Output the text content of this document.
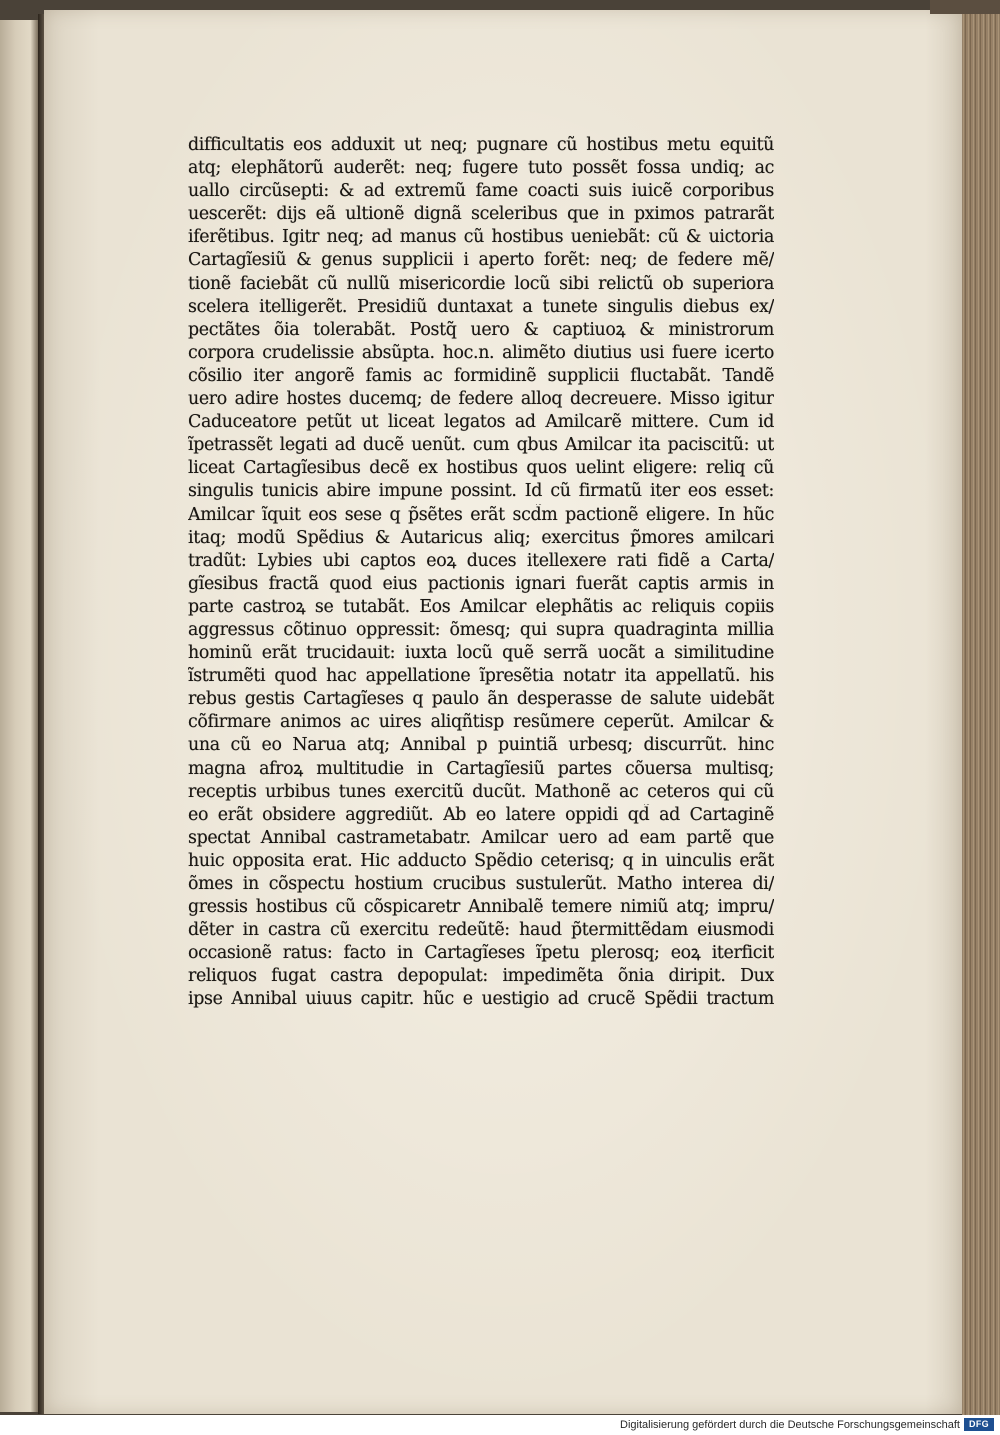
difficultatis eos adduxit ut neq; pugnare cũ hostibus metu equitũ
atq; elephãtorũ auderẽt: neq; fugere tuto possẽt fossa undiq; ac
uallo circũsepti: & ad extremũ fame coacti suis iuicẽ corporibus
uescerẽt: dijs eã ultionẽ dignã sceleribus que in pximos patrarãt
iferẽtibus. Igitr neq; ad manus cũ hostibus ueniebãt: cũ & uictoria
Cartagĩesiũ & genus supplicii i aperto forẽt: neq; de federe mẽ/
tionẽ faciebãt cũ nullũ misericordie locũ sibi relictũ ob superiora
scelera itelligerẽt. Presidiũ duntaxat a tunete singulis diebus ex/
pectãtes õia tolerabãt. Postq̃ uero & captiuoꝝ & ministrorum
corpora crudelissie absũpta. hoc.n. alimẽto diutius usi fuere icerto
cõsilio iter angorẽ famis ac formidinẽ supplicii fluctabãt. Tandẽ
uero adire hostes ducemq; de federe alloq decreuere. Misso igitur
Caduceatore petũt ut liceat legatos ad Amilcarẽ mittere. Cum id
ĩpetrassẽt legati ad ducẽ uenũt. cum qbus Amilcar ita paciscitũ: ut
liceat Cartagĩesibus decẽ ex hostibus quos uelint eligere: reliq cũ
singulis tunicis abire impune possint. Id cũ firmatũ iter eos esset:
Amilcar ĩquit eos sese q p̃sẽtes erãt scd̃m pactionẽ eligere. In hũc
itaq; modũ Spẽdius & Autaricus aliq; exercitus p̃mores amilcari
tradũt: Lybies ubi captos eoꝝ duces itellexere rati fidẽ a Carta/
gĩesibus fractã quod eius pactionis ignari fuerãt captis armis in
parte castroꝝ se tutabãt. Eos Amilcar elephãtis ac reliquis copiis
aggressus cõtinuo oppressit: õmesq; qui supra quadraginta millia
hominũ erãt trucidauit: iuxta locũ quẽ serrã uocãt a similitudine
ĩstrumẽti quod hac appellatione ĩpresẽtia notatr ita appellatũ. his
rebus gestis Cartagĩeses q paulo ãn desperasse de salute uidebãt
cõfirmare animos ac uires aliqñtisp resũmere ceperũt. Amilcar &
una cũ eo Narua atq; Annibal p puintiã urbesq; discurrũt. hinc
magna afroꝝ multitudie in Cartagĩesiũ partes cõuersa multisq;
receptis urbibus tunes exercitũ ducũt. Mathonẽ ac ceteros qui cũ
eo erãt obsidere aggrediũt. Ab eo latere oppidi qd̃ ad Cartaginẽ
spectat Annibal castrametabatr. Amilcar uero ad eam partẽ que
huic opposita erat. Hic adducto Spẽdio ceterisq; q in uinculis erãt
õmes in cõspectu hostium crucibus sustulerũt. Matho interea di/
gressis hostibus cũ cõspicaretr Annibalẽ temere nimiũ atq; impru/
dẽter in castra cũ exercitu redeũtẽ: haud p̃termittẽdam eiusmodi
occasionẽ ratus: facto in Cartagĩeses ĩpetu plerosq; eoꝝ iterficit
reliquos fugat castra depopulat: impedimẽta õnia diripit. Dux
ipse Annibal uiuus capitr. hũc e uestigio ad crucẽ Spẽdii tractum
Digitalisierung gefördert durch die Deutsche Forschungsgemeinschaft	DFG
